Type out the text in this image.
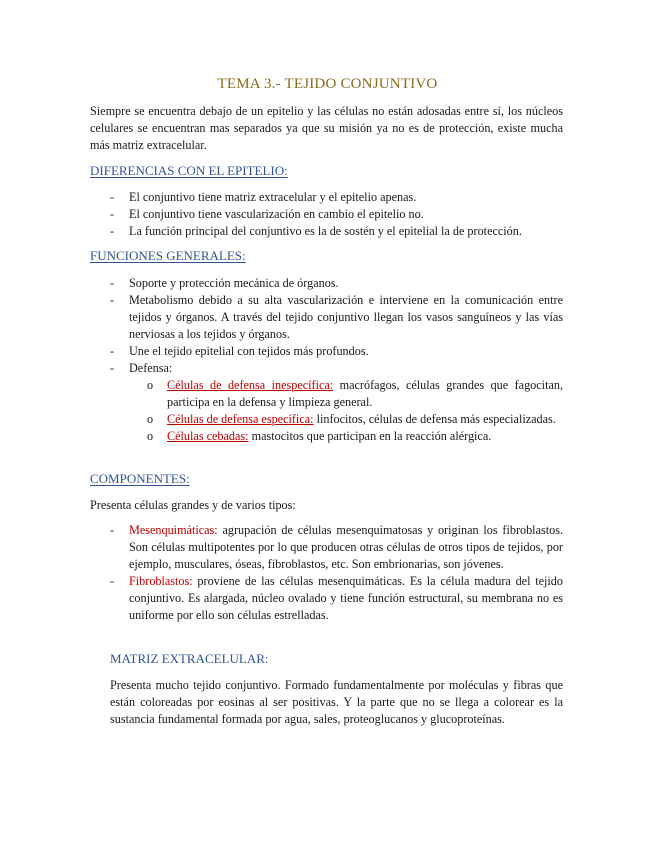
TEMA 3.- TEJIDO CONJUNTIVO
Siempre se encuentra debajo de un epitelio y las células no están adosadas entre sí, los núcleos celulares se encuentran mas separados ya que su misión ya no es de protección, existe mucha más matriz extracelular.
DIFERENCIAS CON EL EPITELIO:
- El conjuntivo tiene matriz extracelular y el epitelio apenas.
- El conjuntivo tiene vascularización en cambio el epitelio no.
- La función principal del conjuntivo es la de sostén y el epitelial la de protección.
FUNCIONES GENERALES:
- Soporte y protección mecánica de órganos.
- Metabolismo debido a su alta vascularización e interviene en la comunicación entre tejidos y órganos. A través del tejido conjuntivo llegan los vasos sanguíneos y las vías nerviosas a los tejidos y órganos.
- Une el tejido epitelial con tejidos más profundos.
- Defensa:
o Células de defensa inespecífica: macrófagos, células grandes que fagocitan, participa en la defensa y limpieza general.
o Células de defensa específica: linfocitos, células de defensa más especializadas.
o Células cebadas: mastocitos que participan en la reacción alérgica.
COMPONENTES:
Presenta células grandes y de varios tipos:
- Mesenquimáticas: agrupación de células mesenquimatosas y originan los fibroblastos. Son células multipotentes por lo que producen otras células de otros tipos de tejidos, por ejemplo, musculares, óseas, fibroblastos, etc. Son embrionarias, son jóvenes.
- Fibroblastos: proviene de las células mesenquimáticas. Es la célula madura del tejido conjuntivo. Es alargada, núcleo ovalado y tiene función estructural, su membrana no es uniforme por ello son células estrelladas.
MATRIZ EXTRACELULAR:
Presenta mucho tejido conjuntivo. Formado fundamentalmente por moléculas y fibras que están coloreadas por eosinas al ser positivas. Y la parte que no se llega a colorear es la sustancia fundamental formada por agua, sales, proteoglucanos y glucoproteínas.
